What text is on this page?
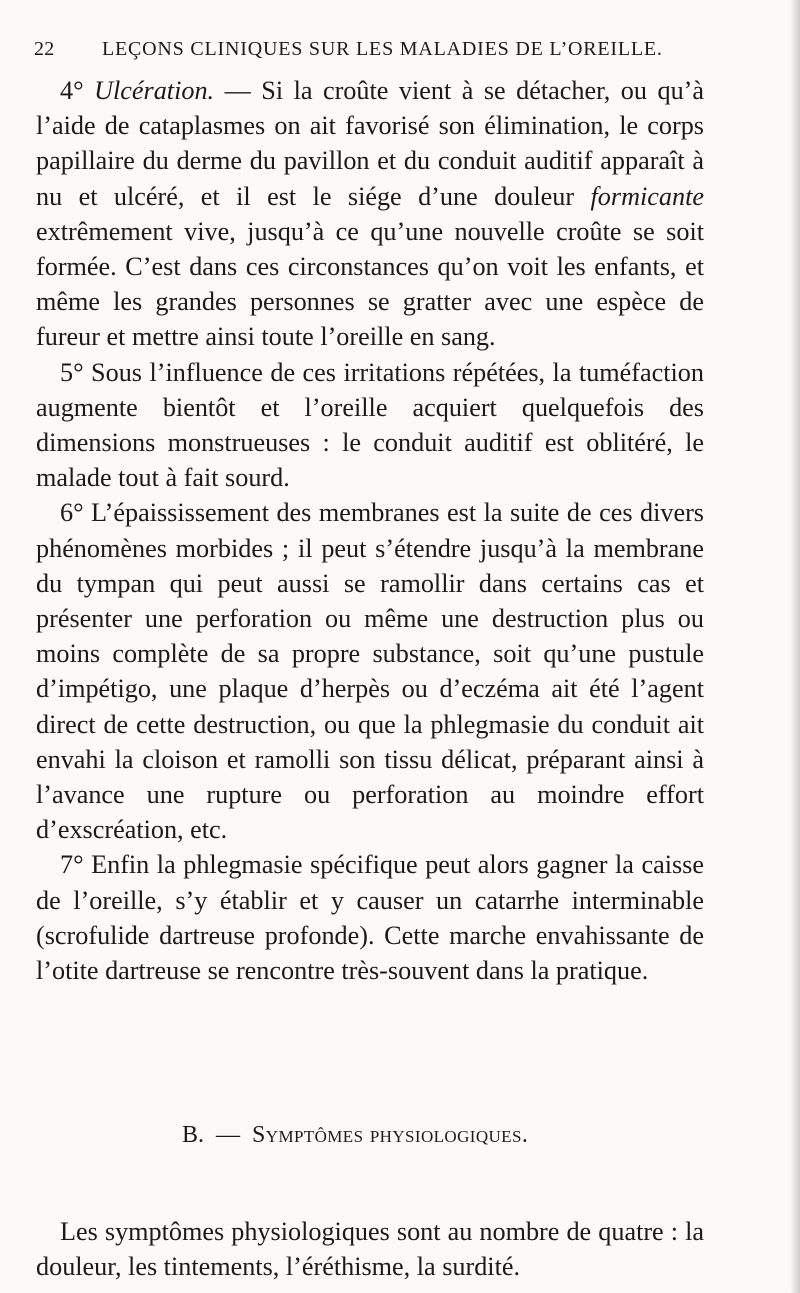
22 LEÇONS CLINIQUES SUR LES MALADIES DE L’OREILLE.

4° Ulcération. — Si la croûte vient à se détacher, ou qu’à l’aide de cataplasmes on ait favorisé son élimination, le corps papillaire du derme du pavillon et du conduit auditif apparaît à nu et ulcéré, et il est le siége d’une douleur formicante extrêmement vive, jusqu’à ce qu’une nouvelle croûte se soit formée. C’est dans ces circonstances qu’on voit les enfants, et même les grandes personnes se gratter avec une espèce de fureur et mettre ainsi toute l’oreille en sang.

5° Sous l’influence de ces irritations répétées, la tuméfaction augmente bientôt et l’oreille acquiert quelquefois des dimensions monstrueuses : le conduit auditif est oblitéré, le malade tout à fait sourd.

6° L’épaississement des membranes est la suite de ces divers phénomènes morbides ; il peut s’étendre jusqu’à la membrane du tympan qui peut aussi se ramollir dans certains cas et présenter une perforation ou même une destruction plus ou moins complète de sa propre substance, soit qu’une pustule d’impétigo, une plaque d’herpès ou d’eczéma ait été l’agent direct de cette destruction, ou que la phlegmasie du conduit ait envahi la cloison et ramolli son tissu délicat, préparant ainsi à l’avance une rupture ou perforation au moindre effort d’exscréation, etc.

7° Enfin la phlegmasie spécifique peut alors gagner la caisse de l’oreille, s’y établir et y causer un catarrhe interminable (scrofulide dartreuse profonde). Cette marche envahissante de l’otite dartreuse se rencontre très-souvent dans la pratique.

B. — Symptômes physiologiques.

Les symptômes physiologiques sont au nombre de quatre : la douleur, les tintements, l’éréthisme, la surdité.
